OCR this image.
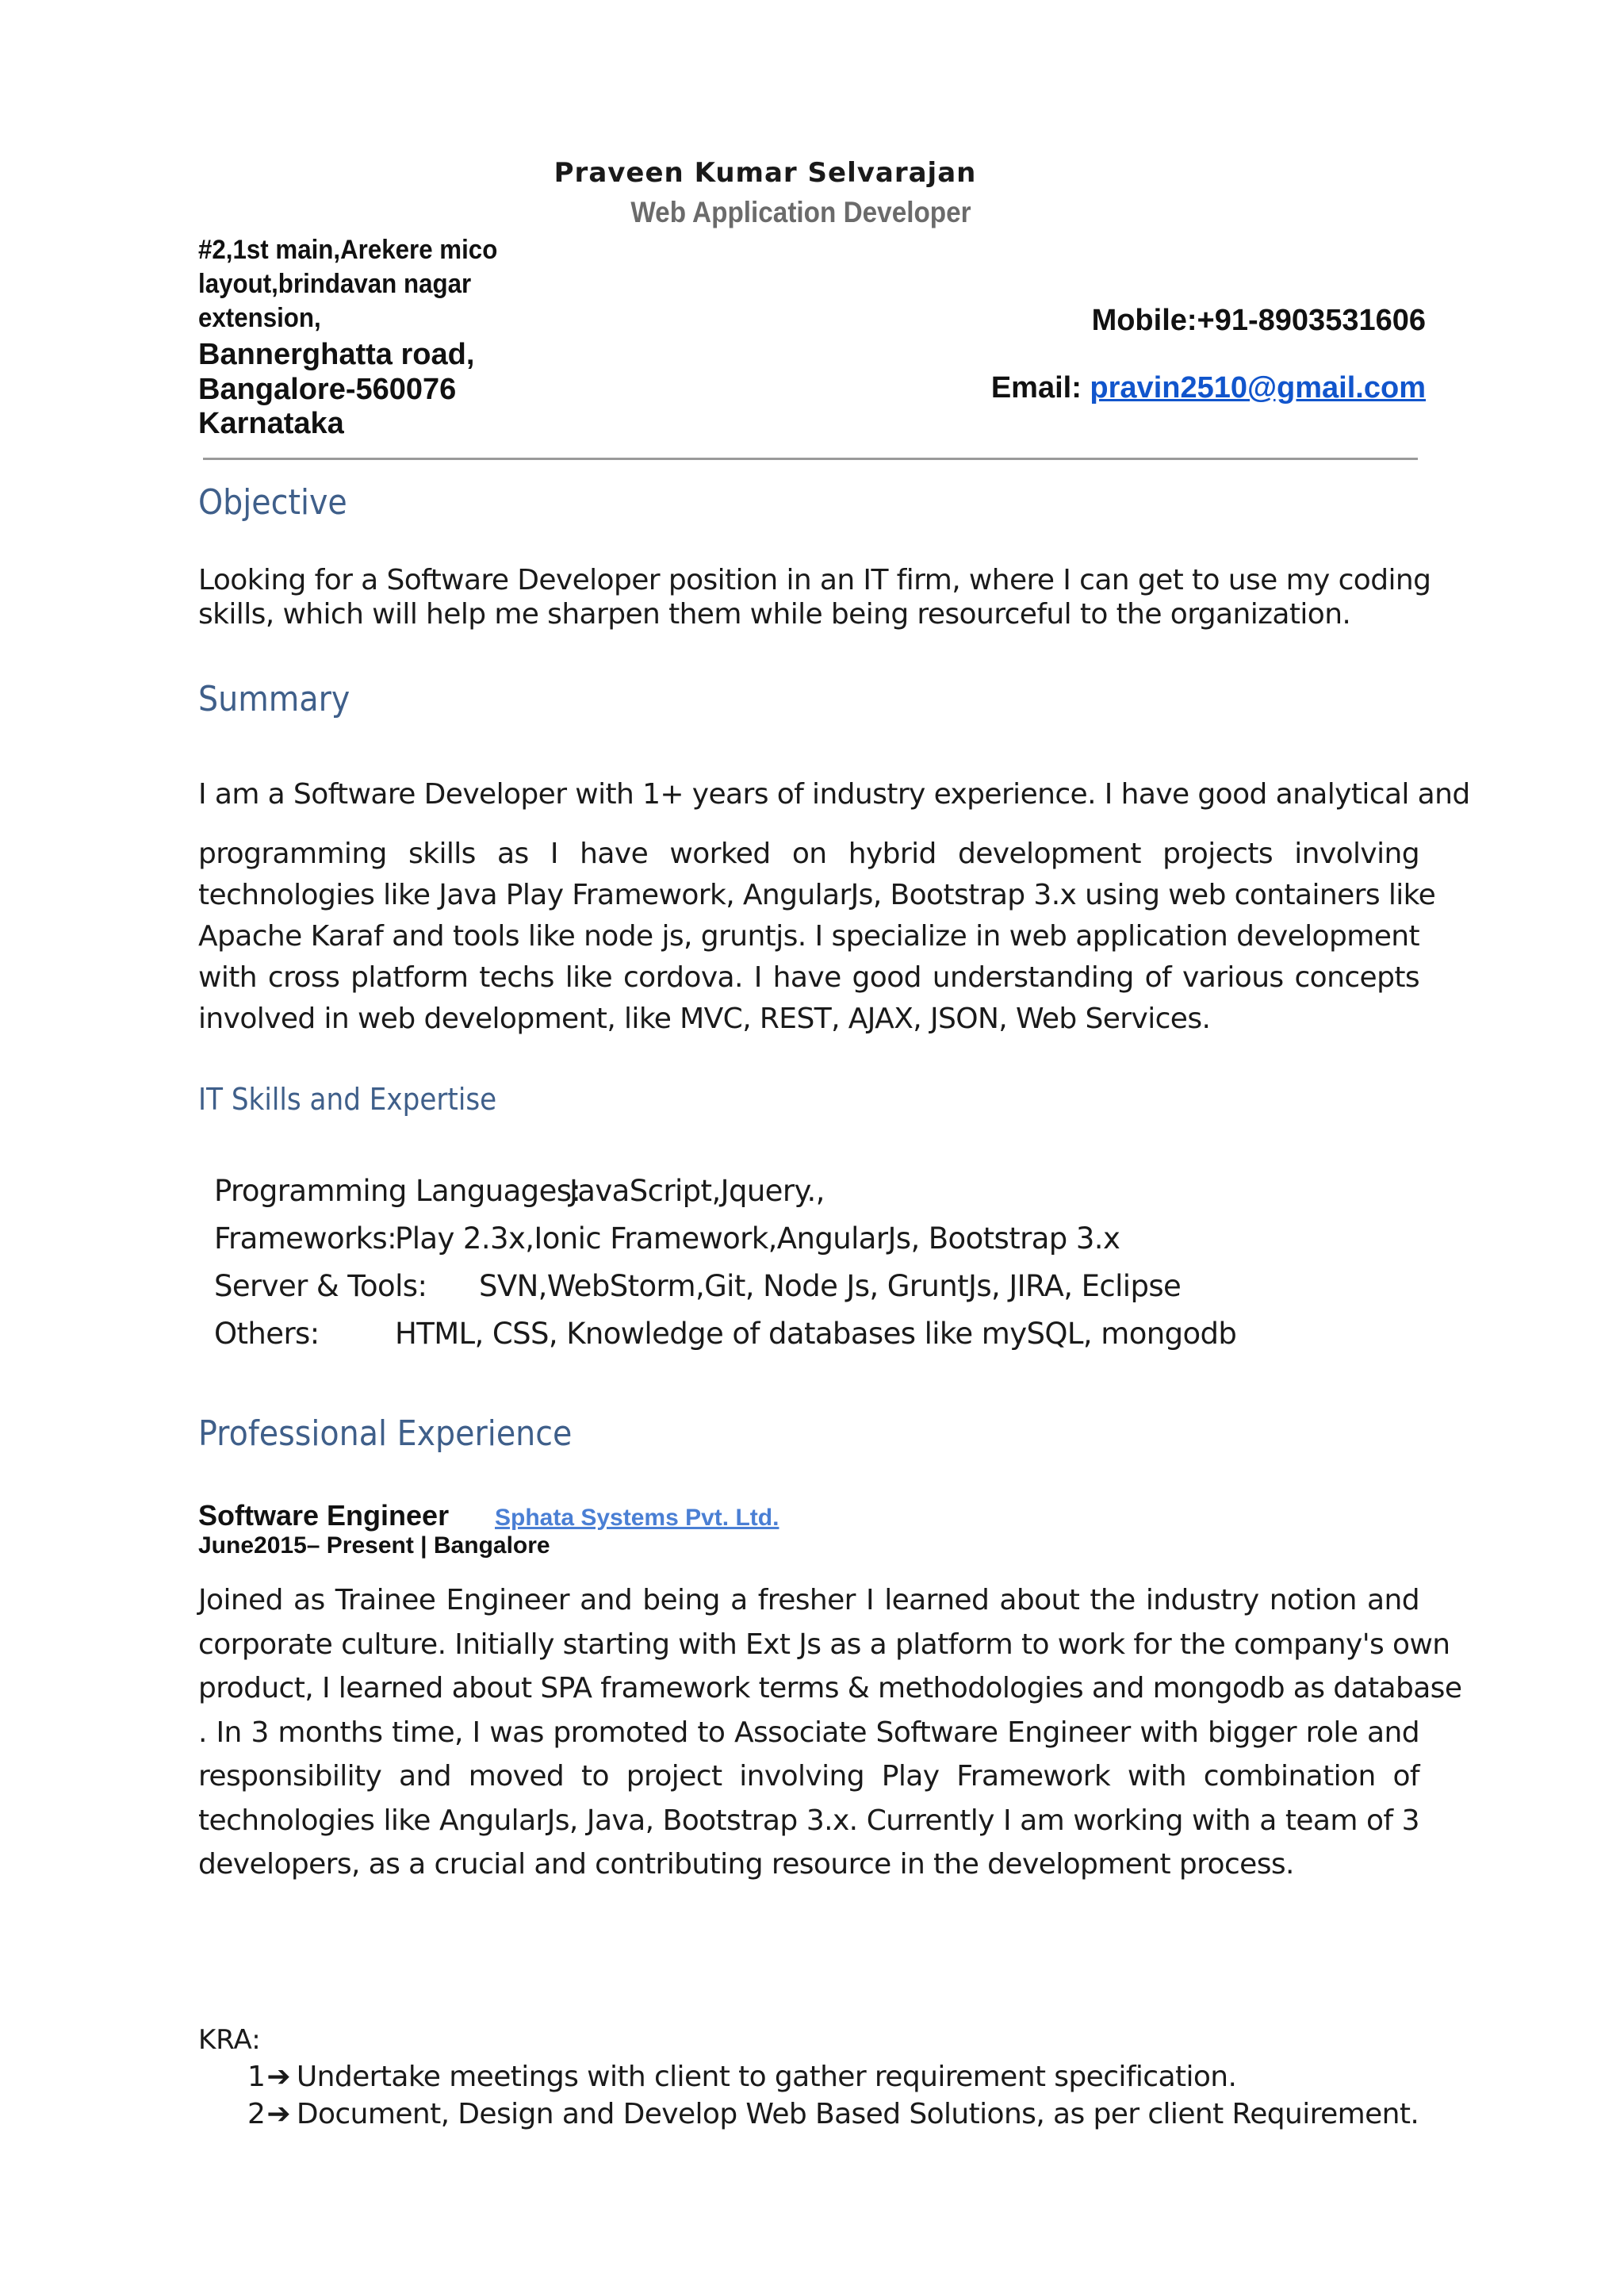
Praveen Kumar Selvarajan
Web Application Developer
#2,1st main,Arekere mico
layout,brindavan nagar
extension,
Bannerghatta road,
Bangalore-560076
Karnataka
Mobile:+91-8903531606
Email: pravin2510@gmail.com
Objective
Looking for a Software Developer position in an IT firm, where I can get to use my coding
skills, which will help me sharpen them while being resourceful to the organization.
Summary
I am a Software Developer with 1+ years of industry experience. I have good analytical and
programming skills as I have worked on hybrid development projects involving
technologies like Java Play Framework, AngularJs, Bootstrap 3.x using web containers like
Apache Karaf and tools like node js, gruntjs. I specialize in web application development
with cross platform techs like cordova. I have good understanding of various concepts
involved in web development, like MVC, REST, AJAX, JSON, Web Services.
IT Skills and Expertise
Programming Languages:
JavaScript,Jquery.,
Frameworks:
Play 2.3x,Ionic Framework,AngularJs, Bootstrap 3.x
Server & Tools: SVN,WebStorm,Git, Node Js, GruntJs, JIRA, Eclipse
Others:	HTML, CSS, Knowledge of databases like mySQL, mongodb
Professional Experience
Software Engineer Sphata Systems Pvt. Ltd.
June2015– Present | Bangalore
Joined as Trainee Engineer and being a fresher I learned about the industry notion and
corporate culture. Initially starting with Ext Js as a platform to work for the company's own
product, I learned about SPA framework terms & methodologies and mongodb as database
. In 3 months time, I was promoted to Associate Software Engineer with bigger role and
responsibility and moved to project involving Play Framework with combination of
technologies like AngularJs, Java, Bootstrap 3.x. Currently I am working with a team of 3
developers, as a crucial and contributing resource in the development process.
KRA:
1➔ Undertake meetings with client to gather requirement specification.
2➔ Document, Design and Develop Web Based Solutions, as per client Requirement.
